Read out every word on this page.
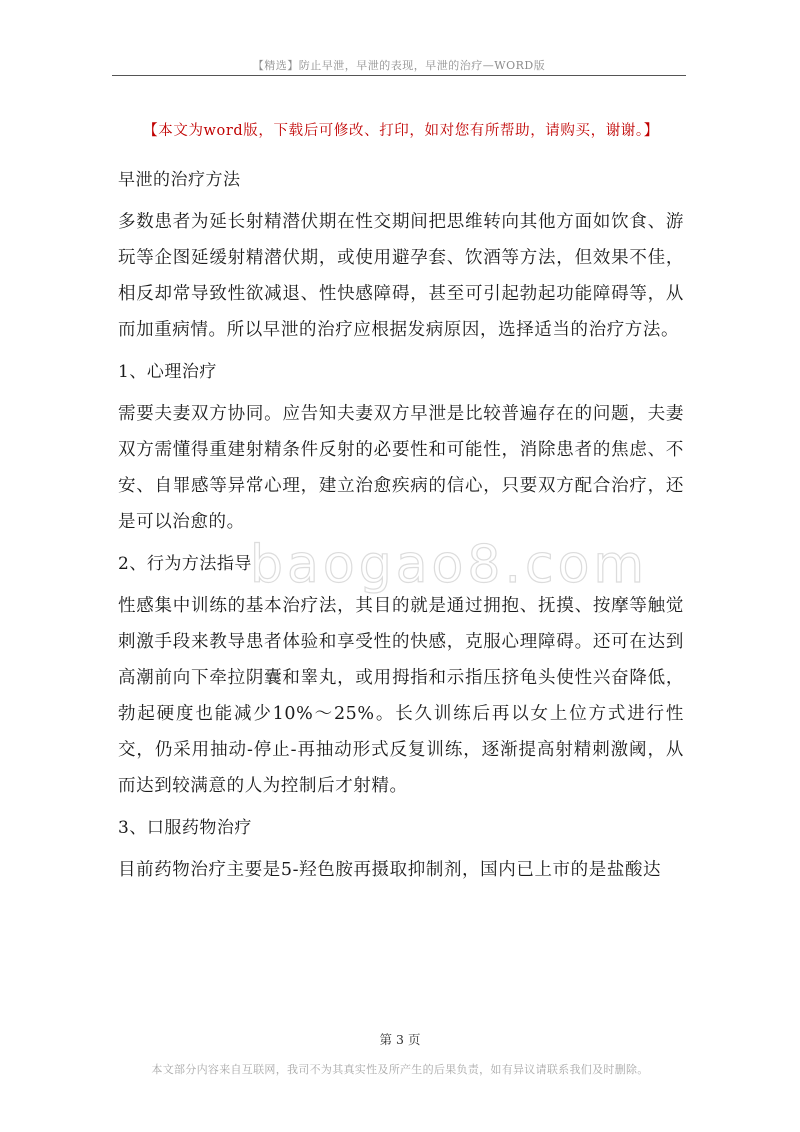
【精选】防止早泄，早泄的表现，早泄的治疗—WORD版
【本文为word版，下载后可修改、打印，如对您有所帮助，请购买，谢谢。】
早泄的治疗方法

多数患者为延长射精潜伏期在性交期间把思维转向其他方面如饮食、游玩等企图延缓射精潜伏期，或使用避孕套、饮酒等方法，但效果不佳，相反却常导致性欲减退、性快感障碍，甚至可引起勃起功能障碍等，从而加重病情。所以早泄的治疗应根据发病原因，选择适当的治疗方法。

1、心理治疗

需要夫妻双方协同。应告知夫妻双方早泄是比较普遍存在的问题，夫妻双方需懂得重建射精条件反射的必要性和可能性，消除患者的焦虑、不安、自罪感等异常心理，建立治愈疾病的信心，只要双方配合治疗，还是可以治愈的。

2、行为方法指导

性感集中训练的基本治疗法，其目的就是通过拥抱、抚摸、按摩等触觉刺激手段来教导患者体验和享受性的快感，克服心理障碍。还可在达到高潮前向下牵拉阴囊和睾丸，或用拇指和示指压挤龟头使性兴奋降低，勃起硬度也能减少10%～25%。长久训练后再以女上位方式进行性交，仍采用抽动-停止-再抽动形式反复训练，逐渐提高射精刺激阈，从而达到较满意的人为控制后才射精。

3、口服药物治疗

目前药物治疗主要是5-羟色胺再摄取抑制剂，国内已上市的是盐酸达

baogao8.com
第 3 页
本文部分内容来自互联网，我司不为其真实性及所产生的后果负责，如有异议请联系我们及时删除。
